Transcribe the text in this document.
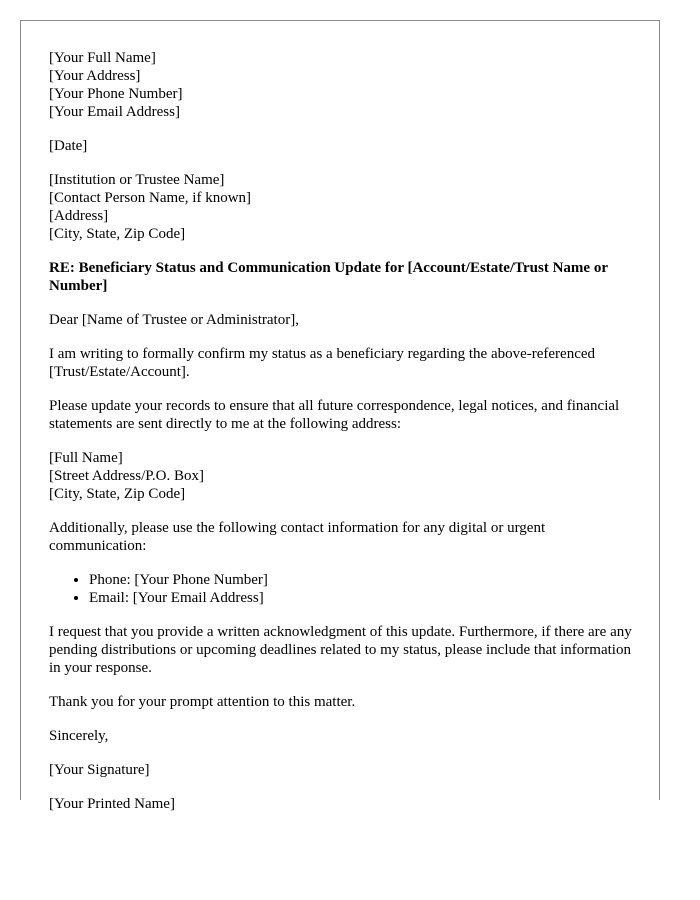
[Your Full Name]
[Your Address]
[Your Phone Number]
[Your Email Address]

[Date]

[Institution or Trustee Name]
[Contact Person Name, if known]
[Address]
[City, State, Zip Code]

RE: Beneficiary Status and Communication Update for [Account/Estate/Trust Name or Number]

Dear [Name of Trustee or Administrator],

I am writing to formally confirm my status as a beneficiary regarding the above-referenced [Trust/Estate/Account].

Please update your records to ensure that all future correspondence, legal notices, and financial statements are sent directly to me at the following address:

[Full Name]
[Street Address/P.O. Box]
[City, State, Zip Code]

Additionally, please use the following contact information for any digital or urgent communication:

• Phone: [Your Phone Number]
• Email: [Your Email Address]

I request that you provide a written acknowledgment of this update. Furthermore, if there are any pending distributions or upcoming deadlines related to my status, please include that information in your response.

Thank you for your prompt attention to this matter.

Sincerely,

[Your Signature]

[Your Printed Name]
